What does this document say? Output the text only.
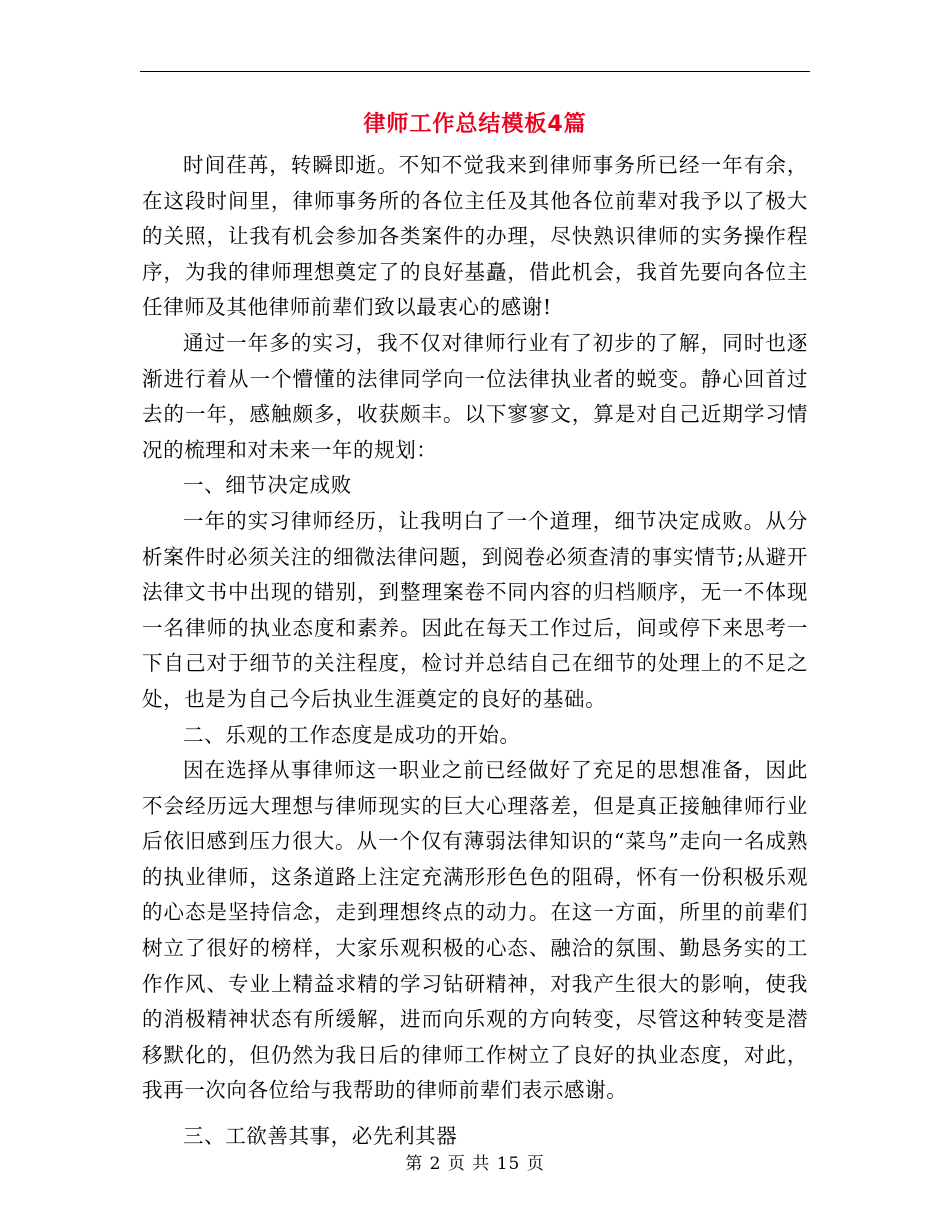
律师工作总结模板4篇

时间荏苒，转瞬即逝。不知不觉我来到律师事务所已经一年有余，在这段时间里，律师事务所的各位主任及其他各位前辈对我予以了极大的关照，让我有机会参加各类案件的办理，尽快熟识律师的实务操作程序，为我的律师理想奠定了的良好基矗，借此机会，我首先要向各位主任律师及其他律师前辈们致以最衷心的感谢!

通过一年多的实习，我不仅对律师行业有了初步的了解，同时也逐渐进行着从一个懵懂的法律同学向一位法律执业者的蜕变。静心回首过去的一年，感触颇多，收获颇丰。以下寥寥文，算是对自己近期学习情况的梳理和对未来一年的规划：

一、细节决定成败

一年的实习律师经历，让我明白了一个道理，细节决定成败。从分析案件时必须关注的细微法律问题，到阅卷必须查清的事实情节;从避开法律文书中出现的错别，到整理案卷不同内容的归档顺序，无一不体现一名律师的执业态度和素养。因此在每天工作过后，间或停下来思考一下自己对于细节的关注程度，检讨并总结自己在细节的处理上的不足之处，也是为自己今后执业生涯奠定的良好的基础。

二、乐观的工作态度是成功的开始。

因在选择从事律师这一职业之前已经做好了充足的思想准备，因此不会经历远大理想与律师现实的巨大心理落差，但是真正接触律师行业后依旧感到压力很大。从一个仅有薄弱法律知识的“菜鸟”走向一名成熟的执业律师，这条道路上注定充满形形色色的阻碍，怀有一份积极乐观的心态是坚持信念，走到理想终点的动力。在这一方面，所里的前辈们树立了很好的榜样，大家乐观积极的心态、融洽的氛围、勤恳务实的工作作风、专业上精益求精的学习钻研精神，对我产生很大的影响，使我的消极精神状态有所缓解，进而向乐观的方向转变，尽管这种转变是潜移默化的，但仍然为我日后的律师工作树立了良好的执业态度，对此，我再一次向各位给与我帮助的律师前辈们表示感谢。

三、工欲善其事，必先利其器

第 2 页 共 15 页
